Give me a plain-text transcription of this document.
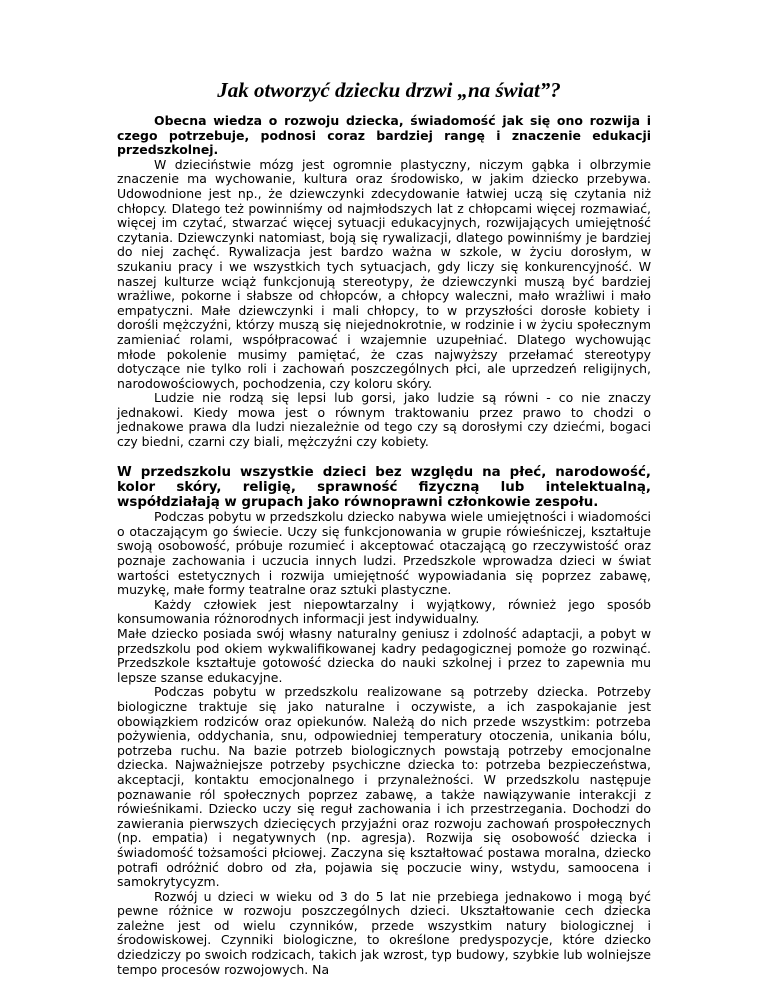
Jak otworzyć dziecku drzwi „na świat”?

Obecna wiedza o rozwoju dziecka, świadomość jak się ono rozwija i czego potrzebuje, podnosi coraz bardziej rangę i znaczenie edukacji przedszkolnej.

W dzieciństwie mózg jest ogromnie plastyczny, niczym gąbka i olbrzymie znaczenie ma wychowanie, kultura oraz środowisko, w jakim dziecko przebywa. Udowodnione jest np., że dziewczynki zdecydowanie łatwiej uczą się czytania niż chłopcy. Dlatego też powinniśmy od najmłodszych lat z chłopcami więcej rozmawiać, więcej im czytać, stwarzać więcej sytuacji edukacyjnych, rozwijających umiejętność czytania. Dziewczynki natomiast, boją się rywalizacji, dlatego powinniśmy je bardziej do niej zachęć. Rywalizacja jest bardzo ważna w szkole, w życiu dorosłym, w szukaniu pracy i we wszystkich tych sytuacjach, gdy liczy się konkurencyjność. W naszej kulturze wciąż funkcjonują stereotypy, że dziewczynki muszą być bardziej wrażliwe, pokorne i słabsze od chłopców, a chłopcy waleczni, mało wrażliwi i mało empatyczni. Małe dziewczynki i mali chłopcy, to w przyszłości dorosłe kobiety i dorośli mężczyźni, którzy muszą się niejednokrotnie, w rodzinie i w życiu społecznym zamieniać rolami, współpracować i wzajemnie uzupełniać. Dlatego wychowując młode pokolenie musimy pamiętać, że czas najwyższy przełamać stereotypy dotyczące nie tylko roli i zachowań poszczególnych płci, ale uprzedzeń religijnych, narodowościowych, pochodzenia, czy koloru skóry.

Ludzie nie rodzą się lepsi lub gorsi, jako ludzie są równi - co nie znaczy jednakowi. Kiedy mowa jest o równym traktowaniu przez prawo to chodzi o jednakowe prawa dla ludzi niezależnie od tego czy są dorosłymi czy dziećmi, bogaci czy biedni, czarni czy biali, mężczyźni czy kobiety.

W przedszkolu wszystkie dzieci bez względu na płeć, narodowość, kolor skóry, religię, sprawność fizyczną lub intelektualną, współdziałają w grupach jako równoprawni członkowie zespołu.

Podczas pobytu w przedszkolu dziecko nabywa wiele umiejętności i wiadomości o otaczającym go świecie. Uczy się funkcjonowania w grupie rówieśniczej, kształtuje swoją osobowość, próbuje rozumieć i akceptować otaczającą go rzeczywistość oraz poznaje zachowania i uczucia innych ludzi. Przedszkole wprowadza dzieci w świat wartości estetycznych i rozwija umiejętność wypowiadania się poprzez zabawę, muzykę, małe formy teatralne oraz sztuki plastyczne.

Każdy człowiek jest niepowtarzalny i wyjątkowy, również jego sposób konsumowania różnorodnych informacji jest indywidualny.

Małe dziecko posiada swój własny naturalny geniusz i zdolność adaptacji, a pobyt w przedszkolu pod okiem wykwalifikowanej kadry pedagogicznej pomoże go rozwinąć. Przedszkole kształtuje gotowość dziecka do nauki szkolnej i przez to zapewnia mu lepsze szanse edukacyjne.

Podczas pobytu w przedszkolu realizowane są potrzeby dziecka. Potrzeby biologiczne traktuje się jako naturalne i oczywiste, a ich zaspokajanie jest obowiązkiem rodziców oraz opiekunów. Należą do nich przede wszystkim: potrzeba pożywienia, oddychania, snu, odpowiedniej temperatury otoczenia, unikania bólu, potrzeba ruchu. Na bazie potrzeb biologicznych powstają potrzeby emocjonalne dziecka. Najważniejsze potrzeby psychiczne dziecka to: potrzeba bezpieczeństwa, akceptacji, kontaktu emocjonalnego i przynależności. W przedszkolu następuje poznawanie ról społecznych poprzez zabawę, a także nawiązywanie interakcji z rówieśnikami. Dziecko uczy się reguł zachowania i ich przestrzegania. Dochodzi do zawierania pierwszych dziecięcych przyjaźni oraz rozwoju zachowań prospołecznych (np. empatia) i negatywnych (np. agresja). Rozwija się osobowość dziecka i świadomość tożsamości płciowej. Zaczyna się kształtować postawa moralna, dziecko potrafi odróżnić dobro od zła, pojawia się poczucie winy, wstydu, samoocena i samokrytycyzm.

Rozwój u dzieci w wieku od 3 do 5 lat nie przebiega jednakowo i mogą być pewne różnice w rozwoju poszczególnych dzieci. Ukształtowanie cech dziecka zależne jest od wielu czynników, przede wszystkim natury biologicznej i środowiskowej. Czynniki biologiczne, to określone predyspozycje, które dziecko dziedziczy po swoich rodzicach, takich jak wzrost, typ budowy, szybkie lub wolniejsze tempo procesów rozwojowych. Na
